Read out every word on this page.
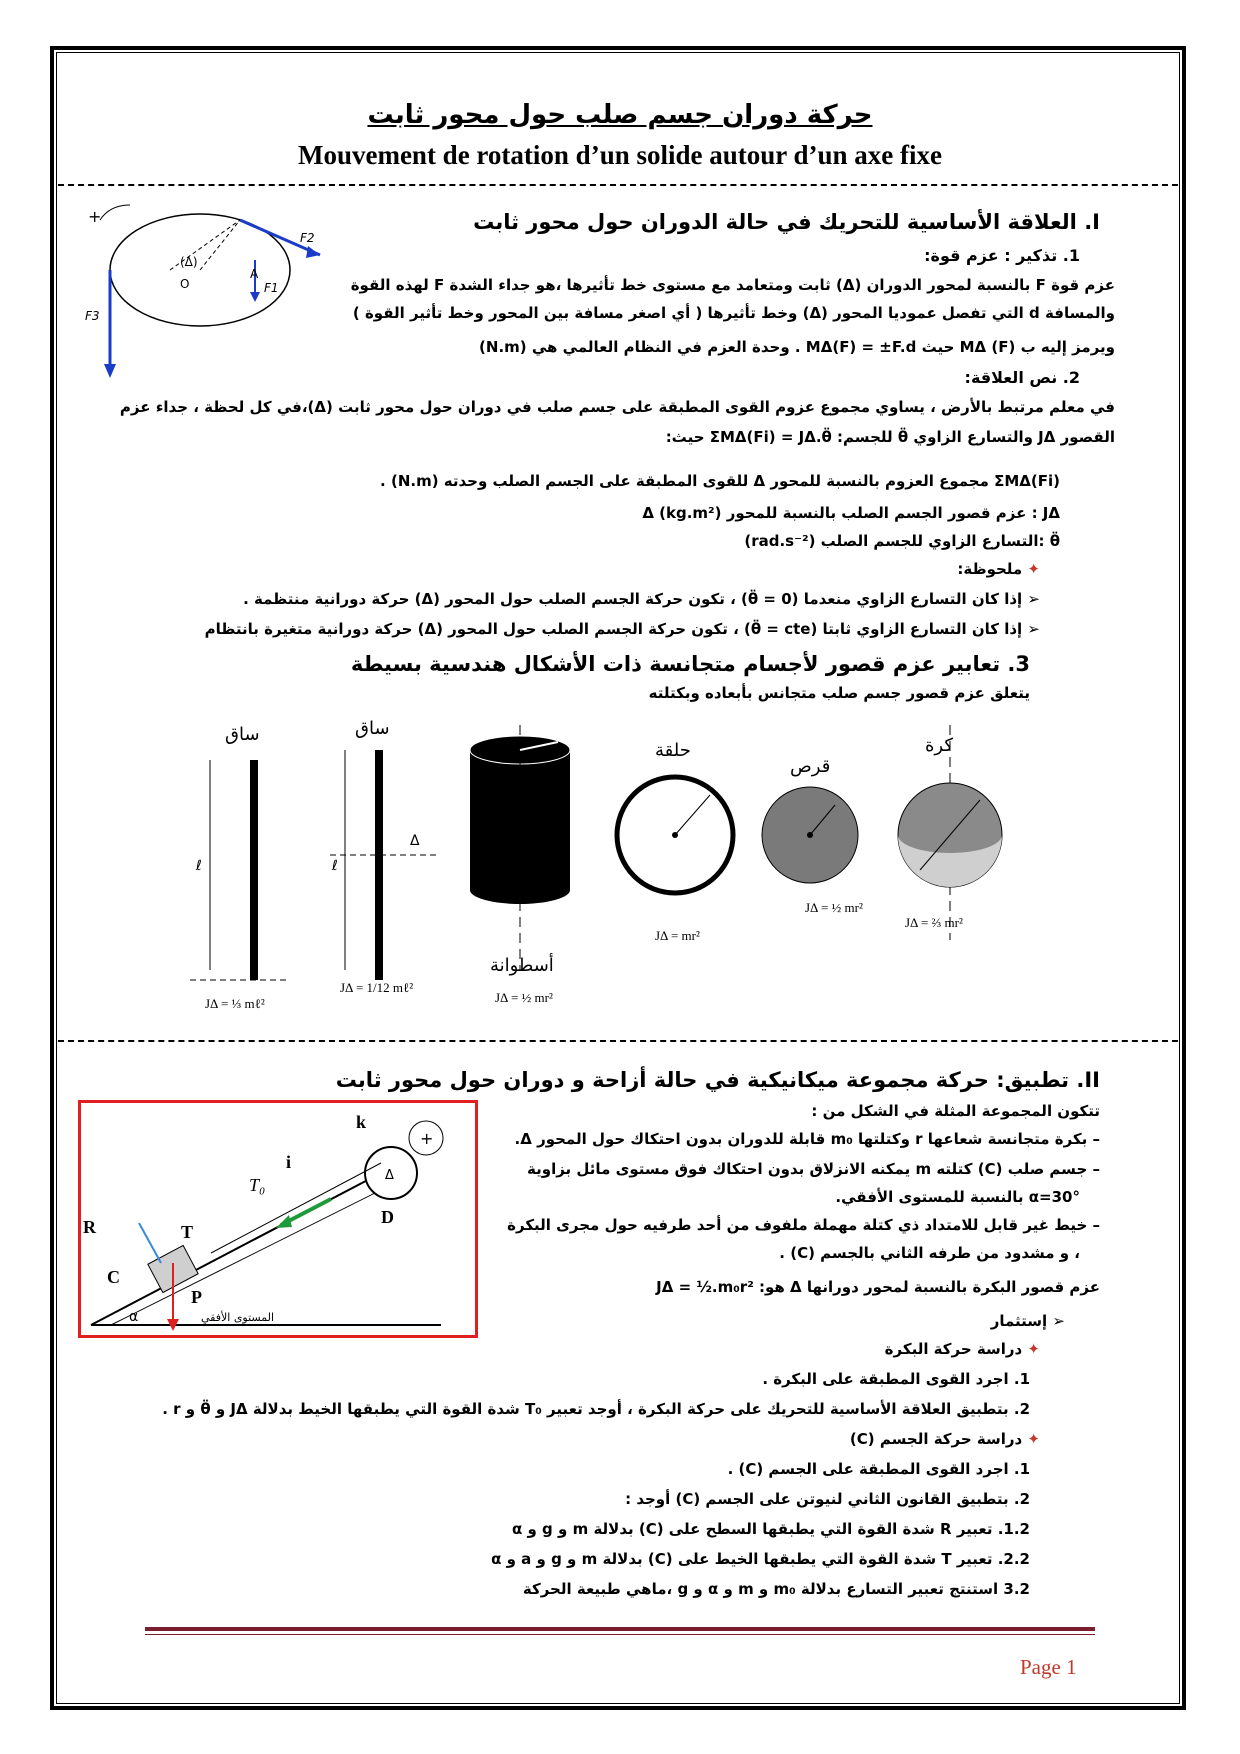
حركة دوران جسم صلب حول محور ثابت
Mouvement de rotation d’un solide autour d’un axe fixe
+
F2
F1
F3
O
A
(Δ)
I. العلاقة الأساسية للتحريك في حالة الدوران حول محور ثابت
1. تذكير : عزم قوة:
عزم قوة F بالنسبة لمحور الدوران (Δ) ثابت ومتعامد مع مستوى خط تأثيرها ،هو جداء الشدة F لهذه القوة
والمسافة d التي تفصل عموديا المحور (Δ) وخط تأثيرها ( أي اصغر مسافة بين المحور وخط تأثير القوة )
ويرمز إليه ب (F) MΔ حيث MΔ(F) = ±F.d . وحدة العزم في النظام العالمي هي (N.m)
2. نص العلاقة:
في معلم مرتبط بالأرض ، يساوي مجموع عزوم القوى المطبقة على جسم صلب في دوران حول محور ثابت (Δ)،في كل لحظة ، جداء عزم
القصور JΔ والتسارع الزاوي θ̈ للجسم: ΣMΔ(Fi) = JΔ.θ̈ حيث:
ΣMΔ(Fi) مجموع العزوم بالنسبة للمحور Δ للقوى المطبقة على الجسم الصلب وحدته (N.m) .
JΔ : عزم قصور الجسم الصلب بالنسبة للمحور Δ (kg.m²)
θ̈ :التسارع الزاوي للجسم الصلب (rad.s⁻²)
✦ ملحوظة:
➢ إذا كان التسارع الزاوي منعدما (θ̈ = 0) ، تكون حركة الجسم الصلب حول المحور (Δ) حركة دورانية منتظمة .
➢ إذا كان التسارع الزاوي ثابتا (θ̈ = cte) ، تكون حركة الجسم الصلب حول المحور (Δ) حركة دورانية متغيرة بانتظام
3. تعابير عزم قصور لأجسام متجانسة ذات الأشكال هندسية بسيطة
يتعلق عزم قصور جسم صلب متجانس بأبعاده وبكتلته
ℓ	ℓ
Δ
ساق
JΔ = ⅓ mℓ²
ساق
JΔ = 1/12 mℓ²
أسطوانة
JΔ = ½ mr²
حلقة
JΔ = mr²
قرص
JΔ = ½ mr²
كرة
JΔ = ⅔ mr²
II. تطبيق: حركة مجموعة ميكانيكية في حالة أزاحة و دوران حول محور ثابت
+
k
i
T₀
T
R
C
P
D
Δ
α	المستوى الأفقي
تتكون المجموعة المثلة في الشكل من :
– بكرة متجانسة شعاعها r وكتلتها m₀ قابلة للدوران بدون احتكاك حول المحور Δ.
– جسم صلب (C) كتلته m يمكنه الانزلاق بدون احتكاك فوق مستوى مائل بزاوية
α=30° بالنسبة للمستوى الأفقي.
– خيط غير قابل للامتداد ذي كتلة مهملة ملفوف من أحد طرفيه حول مجرى البكرة
، و مشدود من طرفه الثاني بالجسم (C) .
عزم قصور البكرة بالنسبة لمحور دورانها Δ هو: JΔ = ½.m₀r²
➢ إستثمار
✦ دراسة حركة البكرة
1. اجرد القوى المطبقة على البكرة .
2. بتطبيق العلاقة الأساسية للتحريك على حركة البكرة ، أوجد تعبير T₀ شدة القوة التي يطبقها الخيط بدلالة JΔ و θ̈ و r .
✦ دراسة حركة الجسم (C)
1. اجرد القوى المطبقة على الجسم (C) .
2. بتطبيق القانون الثاني لنيوتن على الجسم (C) أوجد :
1.2. تعبير R شدة القوة التي يطبقها السطح على (C) بدلالة m و g و α
2.2. تعبير T شدة القوة التي يطبقها الخيط على (C) بدلالة m و g و a و α
3.2 استنتج تعبير التسارع بدلالة m₀ و m و α و g ،ماهي طبيعة الحركة
Page 1
